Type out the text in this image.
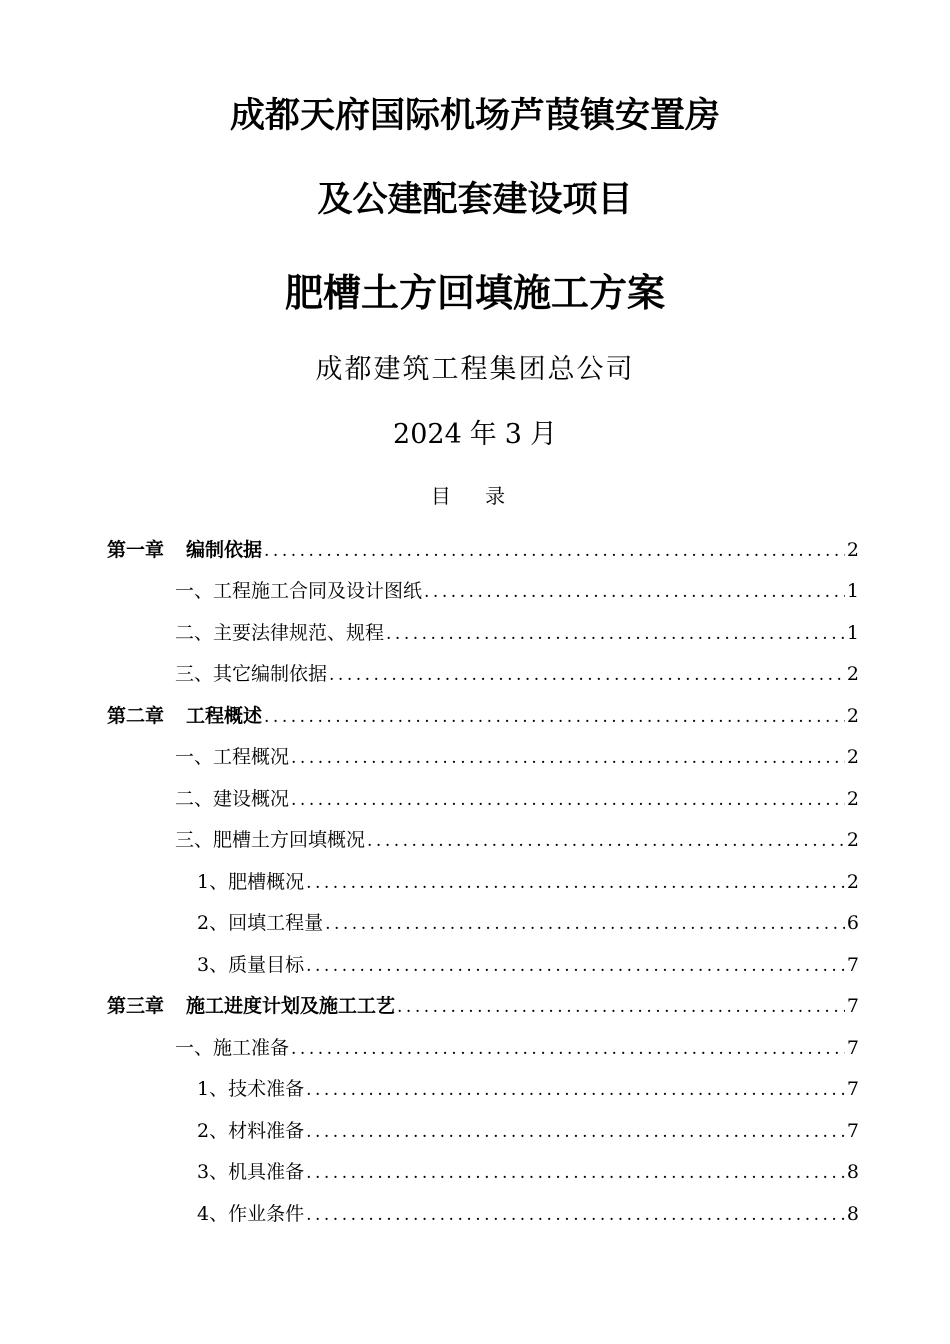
成都天府国际机场芦葭镇安置房
及公建配套建设项目
肥槽土方回填施工方案
成都建筑工程集团总公司
2024 年 3 月
目 录
第一章 编制依据 .....	2
一、工程施工合同及设计图纸 .....	1
二、主要法律规范、规程 .....	1
三、其它编制依据 .....	2
第二章 工程概述 .....	2
一、工程概况 .....	2
二、建设概况 .....	2
三、肥槽土方回填概况 .....	2
1、肥槽概况 .....	2
2、回填工程量 .....	6
3、质量目标 .....	7
第三章 施工进度计划及施工工艺 .....	7
一、施工准备 .....	7
1、技术准备 .....	7
2、材料准备 .....	7
3、机具准备 .....	8
4、作业条件 .....	8
